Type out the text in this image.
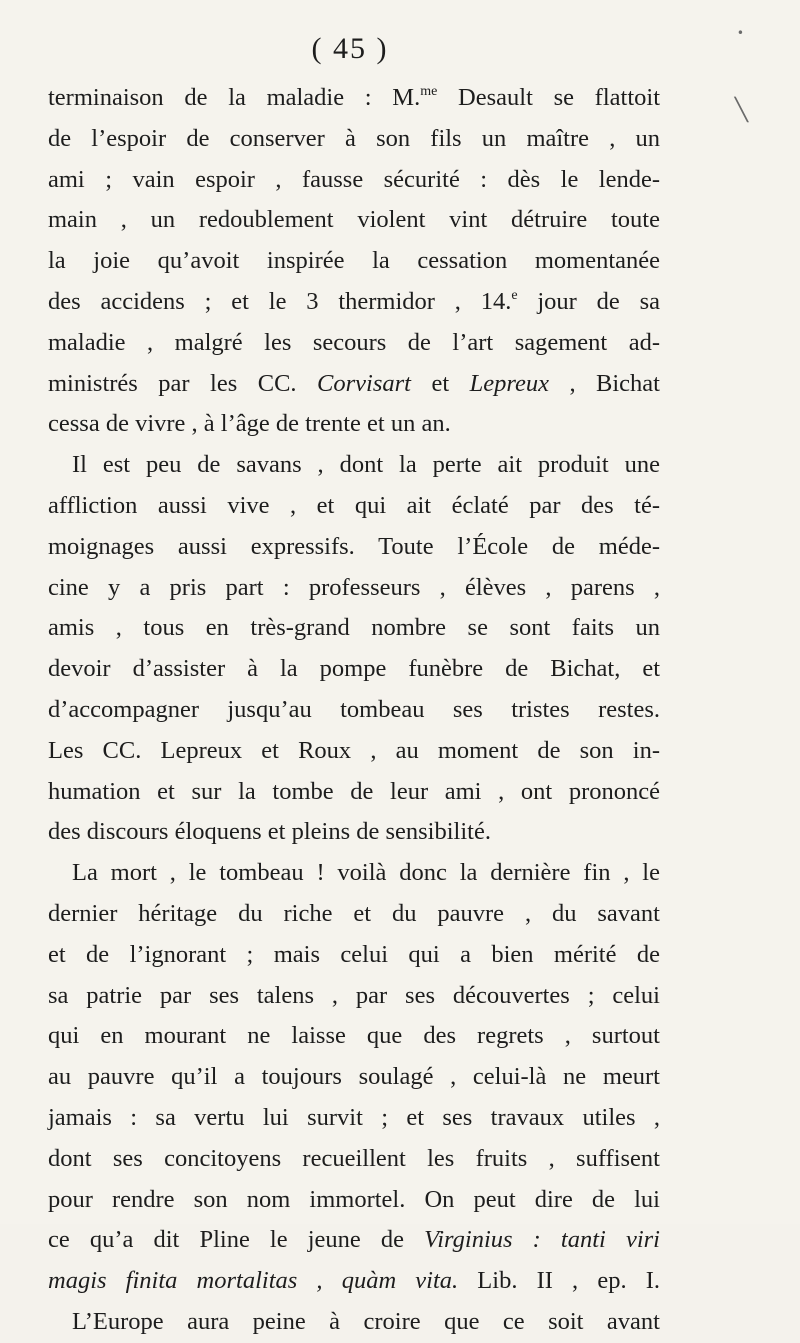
( 45 )	•
╲
terminaison de la maladie : M.$^{me}$ Desault se flattoit
de l’espoir de conserver à son fils un maître , un
ami ; vain espoir , fausse sécurité : dès le lende-
main , un redoublement violent vint détruire toute
la joie qu’avoit inspirée la cessation momentanée
des accidens ; et le 3 thermidor , 14.$^e$ jour de sa
maladie , malgré les secours de l’art sagement ad-
ministrés par les CC. Corvisart et Lepreux , Bichat
cessa de vivre , à l’âge de trente et un an.
Il est peu de savans , dont la perte ait produit une
affliction aussi vive , et qui ait éclaté par des té-
moignages aussi expressifs. Toute l’École de méde-
cine y a pris part : professeurs , élèves , parens ,
amis , tous en très-grand nombre se sont faits un
devoir d’assister à la pompe funèbre de Bichat, et
d’accompagner jusqu’au tombeau ses tristes restes.
Les CC. Lepreux et Roux , au moment de son in-
humation et sur la tombe de leur ami , ont prononcé
des discours éloquens et pleins de sensibilité.
La mort , le tombeau ! voilà donc la dernière fin , le
dernier héritage du riche et du pauvre , du savant
et de l’ignorant ; mais celui qui a bien mérité de
sa patrie par ses talens , par ses découvertes ; celui
qui en mourant ne laisse que des regrets , surtout
au pauvre qu’il a toujours soulagé , celui-là ne meurt
jamais : sa vertu lui survit ; et ses travaux utiles ,
dont ses concitoyens recueillent les fruits , suffisent
pour rendre son nom immortel. On peut dire de lui
ce qu’a dit Pline le jeune de Virginius : tanti viri
magis finita mortalitas , quàm vita. Lib. II , ep. I.
L’Europe aura peine à croire que ce soit avant
